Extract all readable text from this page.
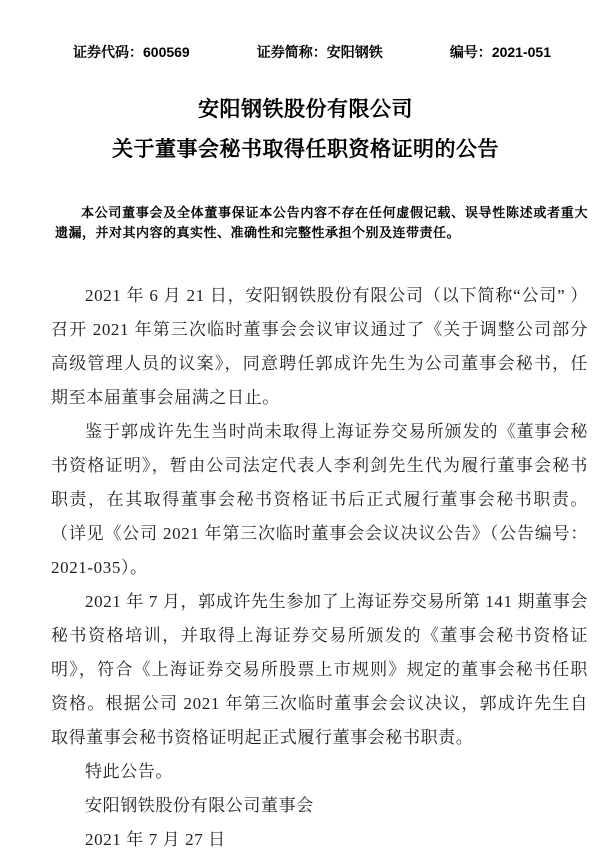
证券代码：600569	证券简称：安阳钢铁	编号：2021-051
安阳钢铁股份有限公司
关于董事会秘书取得任职资格证明的公告

本公司董事会及全体董事保证本公告内容不存在任何虚假记载、误导性陈述或者重大遗漏，并对其内容的真实性、准确性和完整性承担个别及连带责任。

2021 年 6 月 21 日，安阳钢铁股份有限公司（以下简称“公司” ）召开 2021 年第三次临时董事会会议审议通过了《关于调整公司部分高级管理人员的议案》，同意聘任郭成许先生为公司董事会秘书，任期至本届董事会届满之日止。

鉴于郭成许先生当时尚未取得上海证券交易所颁发的《董事会秘书资格证明》，暂由公司法定代表人李利剑先生代为履行董事会秘书职责，在其取得董事会秘书资格证书后正式履行董事会秘书职责。（详见《公司 2021 年第三次临时董事会会议决议公告》（公告编号：2021-035）。

2021 年 7 月，郭成许先生参加了上海证券交易所第 141 期董事会秘书资格培训，并取得上海证券交易所颁发的《董事会秘书资格证明》，符合《上海证券交易所股票上市规则》规定的董事会秘书任职资格。根据公司 2021 年第三次临时董事会会议决议，郭成许先生自取得董事会秘书资格证明起正式履行董事会秘书职责。

特此公告。

安阳钢铁股份有限公司董事会

2021 年 7 月 27 日
